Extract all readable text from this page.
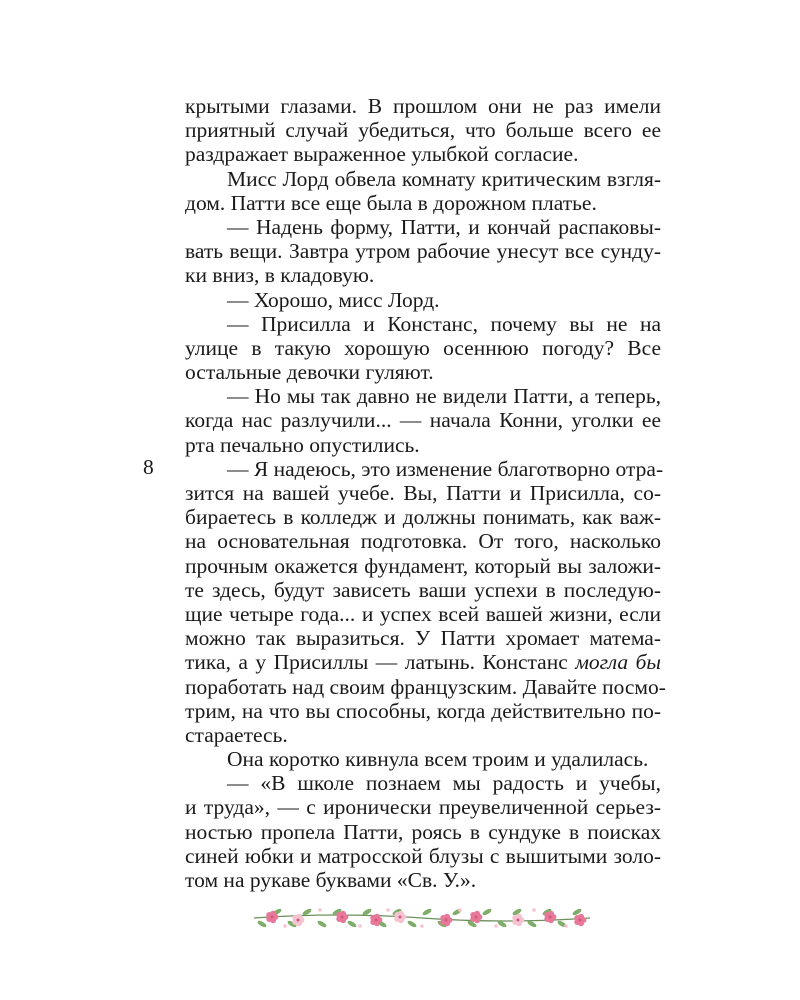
крытыми глазами. В прошлом они не раз имели
приятный случай убедиться, что больше всего ее
раздражает выраженное улыбкой согласие.
Мисс Лорд обвела комнату критическим взгля-
дом. Патти все еще была в дорожном платье.
— Надень форму, Патти, и кончай распаковы-
вать вещи. Завтра утром рабочие унесут все сунду-
ки вниз, в кладовую.
— Хорошо, мисс Лорд.
— Присилла и Констанс, почему вы не на
улице в такую хорошую осеннюю погоду? Все
остальные девочки гуляют.
— Но мы так давно не видели Патти, а теперь,
когда нас разлучили... — начала Конни, уголки ее
рта печально опустились.
— Я надеюсь, это изменение благотворно отра-
зится на вашей учебе. Вы, Патти и Присилла, со-
бираетесь в колледж и должны понимать, как важ-
на основательная подготовка. От того, насколько
прочным окажется фундамент, который вы заложи-
те здесь, будут зависеть ваши успехи в последую-
щие четыре года... и успех всей вашей жизни, если
можно так выразиться. У Патти хромает матема-
тика, а у Присиллы — латынь. Констанс могла бы
поработать над своим французским. Давайте посмо-
трим, на что вы способны, когда действительно по-
стараетесь.
Она коротко кивнула всем троим и удалилась.
— «В школе познаем мы радость и учебы,
и труда», — с иронически преувеличенной серьез-
ностью пропела Патти, роясь в сундуке в поисках
синей юбки и матросской блузы с вышитыми золо-
том на рукаве буквами «Св. У.».
8
